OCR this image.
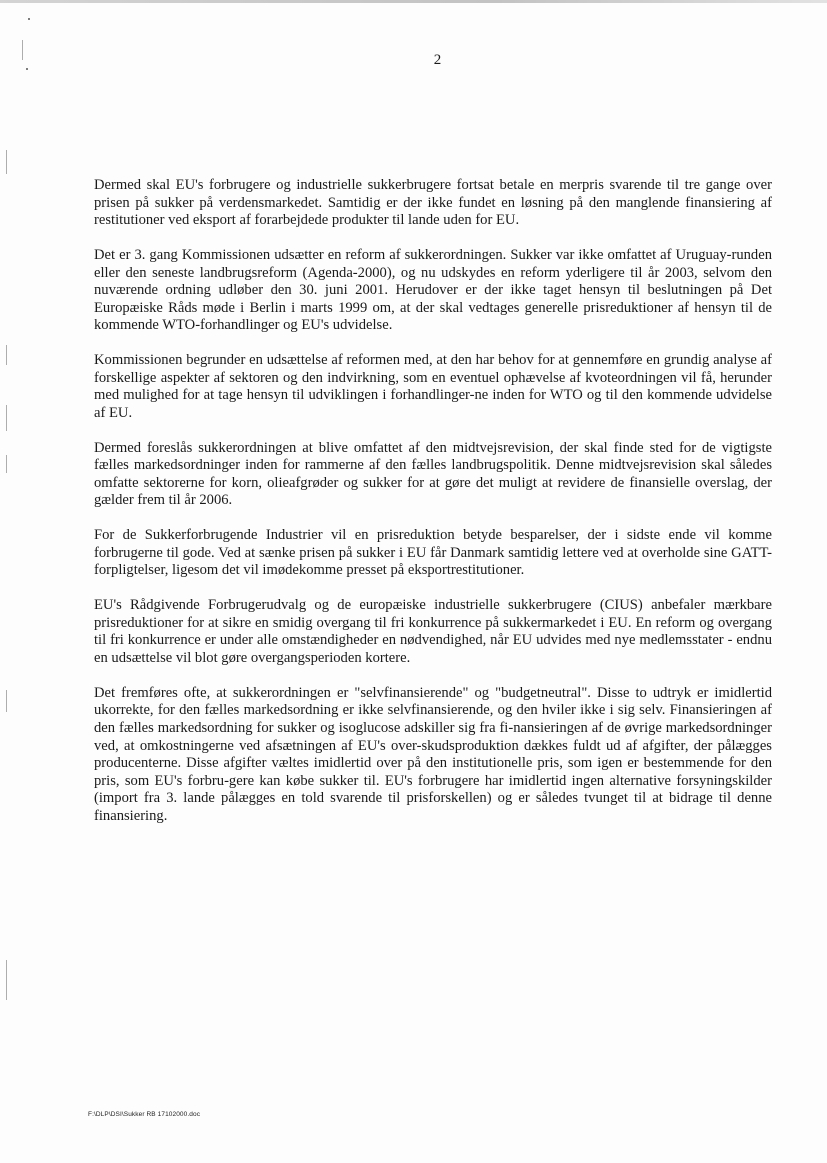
2

Dermed skal EU's forbrugere og industrielle sukkerbrugere fortsat betale en merpris svarende til tre gange over prisen på sukker på verdensmarkedet. Samtidig er der ikke fundet en løsning på den manglende finansiering af restitutioner ved eksport af forarbejdede produkter til lande uden for EU.

Det er 3. gang Kommissionen udsætter en reform af sukkerordningen. Sukker var ikke omfattet af Uruguay-runden eller den seneste landbrugsreform (Agenda-2000), og nu udskydes en reform yderligere til år 2003, selvom den nuværende ordning udløber den 30. juni 2001. Herudover er der ikke taget hensyn til beslutningen på Det Europæiske Råds møde i Berlin i marts 1999 om, at der skal vedtages generelle prisreduktioner af hensyn til de kommende WTO-forhandlinger og EU's udvidelse.

Kommissionen begrunder en udsættelse af reformen med, at den har behov for at gennemføre en grundig analyse af forskellige aspekter af sektoren og den indvirkning, som en eventuel ophævelse af kvoteordningen vil få, herunder med mulighed for at tage hensyn til udviklingen i forhandlinger-ne inden for WTO og til den kommende udvidelse af EU.

Dermed foreslås sukkerordningen at blive omfattet af den midtvejsrevision, der skal finde sted for de vigtigste fælles markedsordninger inden for rammerne af den fælles landbrugspolitik. Denne midtvejsrevision skal således omfatte sektorerne for korn, olieafgrøder og sukker for at gøre det muligt at revidere de finansielle overslag, der gælder frem til år 2006.

For de Sukkerforbrugende Industrier vil en prisreduktion betyde besparelser, der i sidste ende vil komme forbrugerne til gode. Ved at sænke prisen på sukker i EU får Danmark samtidig lettere ved at overholde sine GATT-forpligtelser, ligesom det vil imødekomme presset på eksportrestitutioner.

EU's Rådgivende Forbrugerudvalg og de europæiske industrielle sukkerbrugere (CIUS) anbefaler mærkbare prisreduktioner for at sikre en smidig overgang til fri konkurrence på sukkermarkedet i EU. En reform og overgang til fri konkurrence er under alle omstændigheder en nødvendighed, når EU udvides med nye medlemsstater - endnu en udsættelse vil blot gøre overgangsperioden kortere.

Det fremføres ofte, at sukkerordningen er "selvfinansierende" og "budgetneutral". Disse to udtryk er imidlertid ukorrekte, for den fælles markedsordning er ikke selvfinansierende, og den hviler ikke i sig selv. Finansieringen af den fælles markedsordning for sukker og isoglucose adskiller sig fra fi-nansieringen af de øvrige markedsordninger ved, at omkostningerne ved afsætningen af EU's over-skudsproduktion dækkes fuldt ud af afgifter, der pålægges producenterne. Disse afgifter væltes imidlertid over på den institutionelle pris, som igen er bestemmende for den pris, som EU's forbru-gere kan købe sukker til. EU's forbrugere har imidlertid ingen alternative forsyningskilder (import fra 3. lande pålægges en told svarende til prisforskellen) og er således tvunget til at bidrage til denne finansiering.

F:\DLP\DSI\Sukker RB 17102000.doc
